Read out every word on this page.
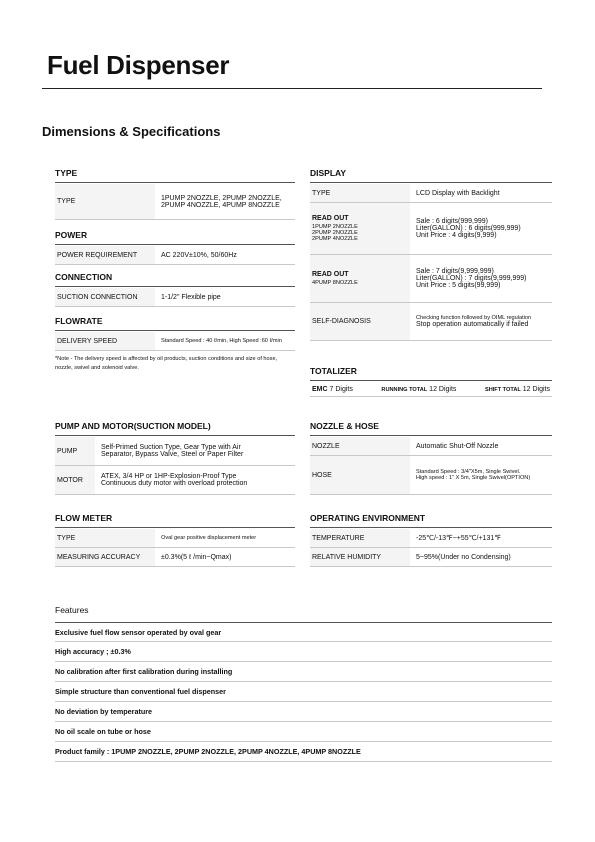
Fuel Dispenser
Dimensions & Specifications
TYPE
TYPE	1PUMP 2NOZZLE, 2PUMP 2NOZZLE,
2PUMP 4NOZZLE, 4PUMP 8NOZZLE
POWER
POWER REQUIREMENT	AC 220V±10%, 50/60Hz
CONNECTION
SUCTION CONNECTION	1-1/2" Flexible pipe
FLOWRATE
DELIVERY SPEED	Standard Speed : 40 ℓ/min, High Speed :60 ℓ/min
*Note - The delivery speed is affected by oil products, suction conditions and size of hose, nozzle, swivel and solenoid valve.
DISPLAY
TYPE	LCD Display with Backlight
READ OUT
1PUMP 2NOZZLE
2PUMP 2NOZZLE
2PUMP 4NOZZLE
Sale : 6 digits(999,999)
Liter(GALLON) : 6 digits(999,999)
Unit Price : 4 digits(9,999)
READ OUT
4PUMP 8NOZZLE
Sale : 7 digits(9,999,999)
Liter(GALLON) : 7 digits(9,999,999)
Unit Price : 5 digits(99,999)
SELF-DIAGNOSIS	Checking function followed by OIML regulation
Stop operation automatically if failed
TOTALIZER
EMC 7 Digits	RUNNING TOTAL 12 Digits	SHIFT TOTAL 12 Digits
PUMP AND MOTOR(SUCTION MODEL)
PUMP	Self-Primed Suction Type, Gear Type with Air
Separator, Bypass Valve, Steel or Paper Filter
MOTOR	ATEX, 3/4 HP or 1HP-Explosion-Proof Type
Continuous duty motor with overload protection
NOZZLE & HOSE
NOZZLE	Automatic Shut-Off Nozzle
HOSE	Standard Speed : 3/4"X5m, Single Swivel.
High speed : 1" X 5m, Single Swivel(OPTION)
FLOW METER
TYPE	Oval gear positive displacement meter
MEASURING ACCURACY	±0.3%(5 ℓ /min~Qmax)
OPERATING ENVIRONMENT
TEMPERATURE	-25℃/-13℉~+55℃/+131℉
RELATIVE HUMIDITY	5~95%(Under no Condensing)
Features
Exclusive fuel flow sensor operated by oval gear
High accuracy ; ±0.3%
No calibration after first calibration during installing
Simple structure than conventional fuel dispenser
No deviation by temperature
No oil scale on tube or hose
Product family : 1PUMP 2NOZZLE, 2PUMP 2NOZZLE, 2PUMP 4NOZZLE, 4PUMP 8NOZZLE
